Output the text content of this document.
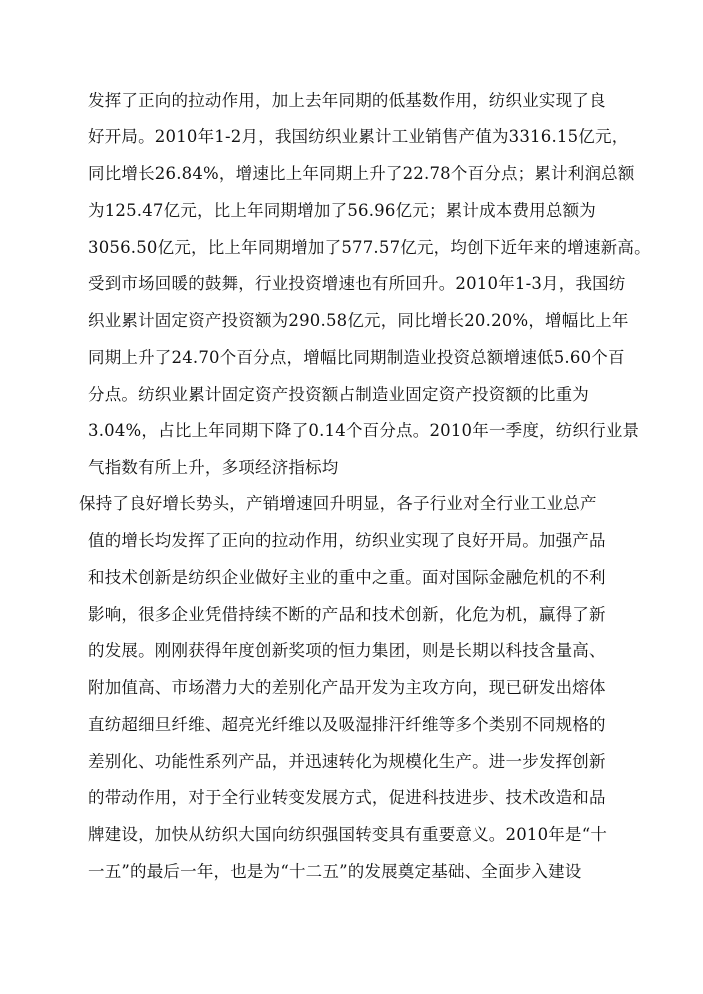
发挥了正向的拉动作用，加上去年同期的低基数作用，纺织业实现了良
好开局。2010年1-2月，我国纺织业累计工业销售产值为3316.15亿元，
同比增长26.84%，增速比上年同期上升了22.78个百分点；累计利润总额
为125.47亿元，比上年同期增加了56.96亿元；累计成本费用总额为
3056.50亿元，比上年同期增加了577.57亿元，均创下近年来的增速新高。
受到市场回暖的鼓舞，行业投资增速也有所回升。2010年1-3月，我国纺
织业累计固定资产投资额为290.58亿元，同比增长20.20%，增幅比上年
同期上升了24.70个百分点，增幅比同期制造业投资总额增速低5.60个百
分点。纺织业累计固定资产投资额占制造业固定资产投资额的比重为
3.04%，占比上年同期下降了0.14个百分点。2010年一季度，纺织行业景
气指数有所上升，多项经济指标均
保持了良好增长势头，产销增速回升明显，各子行业对全行业工业总产
值的增长均发挥了正向的拉动作用，纺织业实现了良好开局。加强产品
和技术创新是纺织企业做好主业的重中之重。面对国际金融危机的不利
影响，很多企业凭借持续不断的产品和技术创新，化危为机，赢得了新
的发展。刚刚获得年度创新奖项的恒力集团，则是长期以科技含量高、
附加值高、市场潜力大的差别化产品开发为主攻方向，现已研发出熔体
直纺超细旦纤维、超亮光纤维以及吸湿排汗纤维等多个类别不同规格的
差别化、功能性系列产品，并迅速转化为规模化生产。进一步发挥创新
的带动作用，对于全行业转变发展方式，促进科技进步、技术改造和品
牌建设，加快从纺织大国向纺织强国转变具有重要意义。2010年是“十
一五”的最后一年，也是为“十二五”的发展奠定基础、全面步入建设
